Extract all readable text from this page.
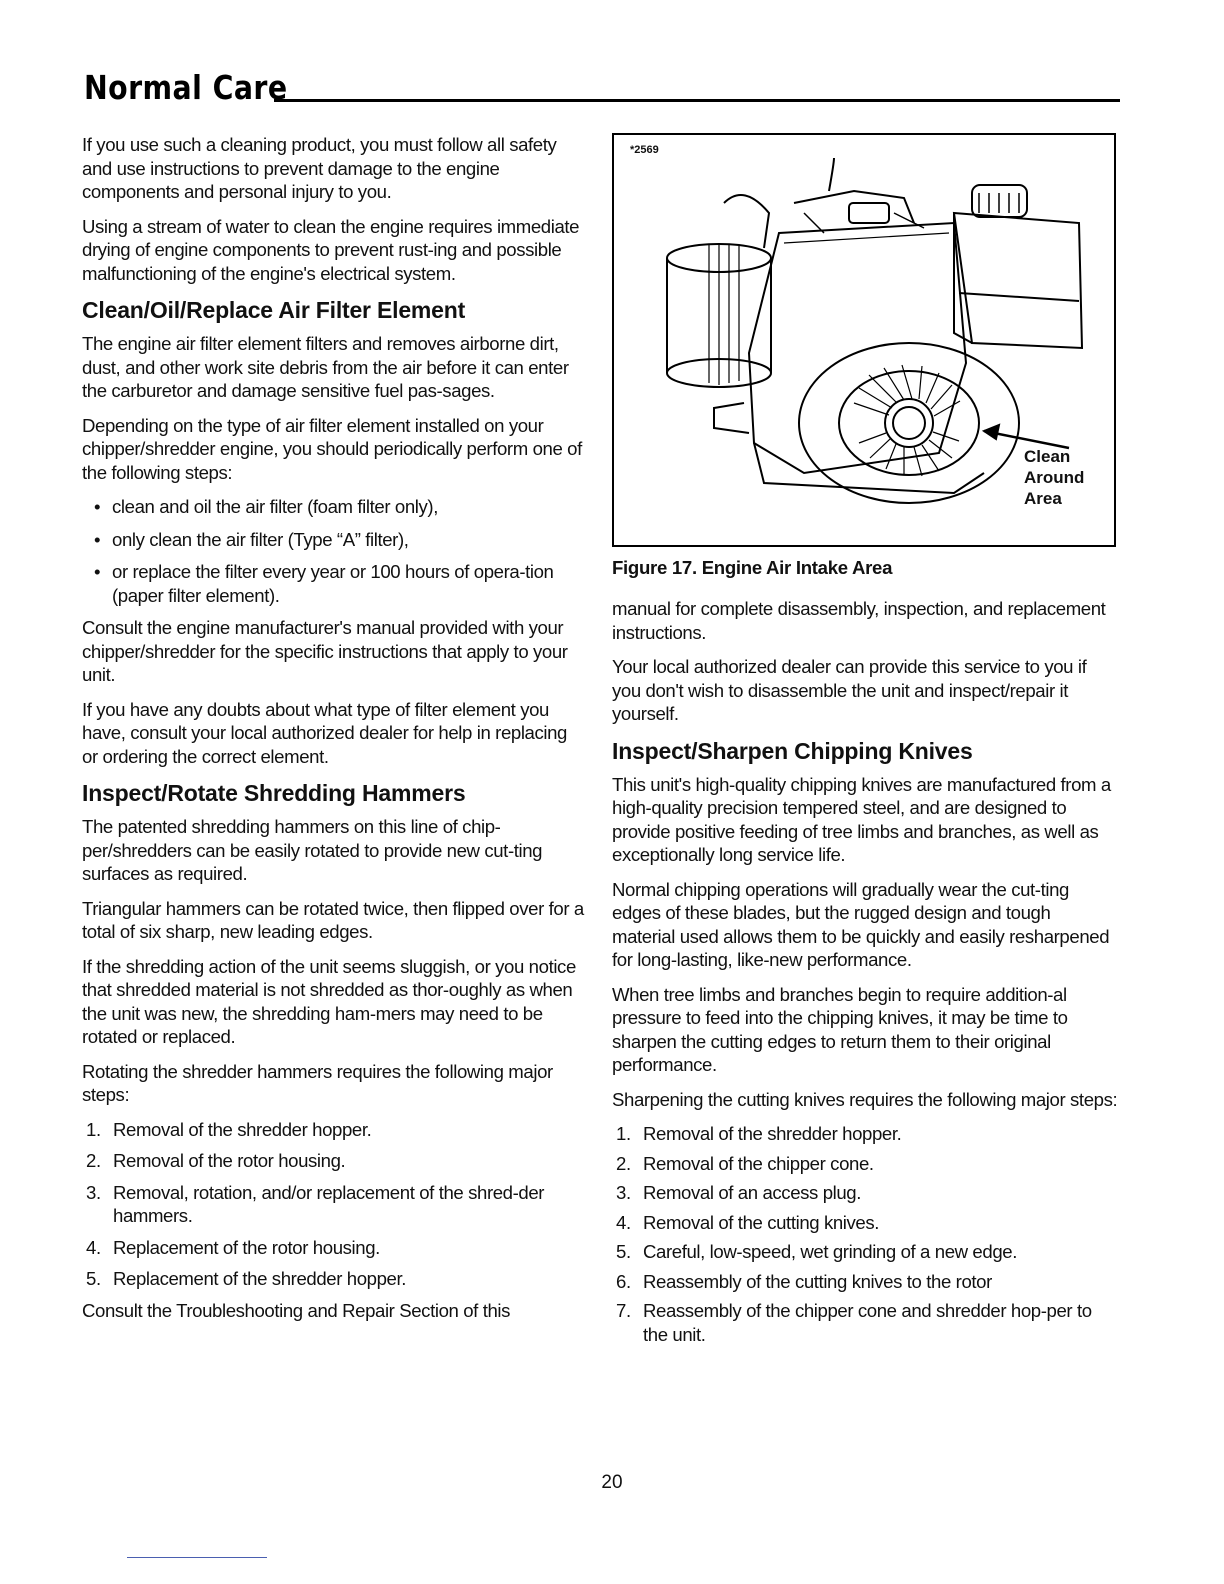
Normal Care

If you use such a cleaning product, you must follow all safety and use instructions to prevent damage to the engine components and personal injury to you.

Using a stream of water to clean the engine requires immediate drying of engine components to prevent rust-ing and possible malfunctioning of the engine's electrical system.

Clean/Oil/Replace Air Filter Element

The engine air filter element filters and removes airborne dirt, dust, and other work site debris from the air before it can enter the carburetor and damage sensitive fuel pas-sages.

Depending on the type of air filter element installed on your chipper/shredder engine, you should periodically perform one of the following steps:

• clean and oil the air filter (foam filter only),
• only clean the air filter (Type “A” filter),
• or replace the filter every year or 100 hours of opera-tion (paper filter element).

Consult the engine manufacturer's manual provided with your chipper/shredder for the specific instructions that apply to your unit.

If you have any doubts about what type of filter element you have, consult your local authorized dealer for help in replacing or ordering the correct element.

Inspect/Rotate Shredding Hammers

The patented shredding hammers on this line of chip-per/shredders can be easily rotated to provide new cut-ting surfaces as required.

Triangular hammers can be rotated twice, then flipped over for a total of six sharp, new leading edges.

If the shredding action of the unit seems sluggish, or you notice that shredded material is not shredded as thor-oughly as when the unit was new, the shredding ham-mers may need to be rotated or replaced.

Rotating the shredder hammers requires the following major steps:

1. Removal of the shredder hopper.
2. Removal of the rotor housing.
3. Removal, rotation, and/or replacement of the shred-der hammers.
4. Replacement of the rotor housing.
5. Replacement of the shredder hopper.

Consult the Troubleshooting and Repair Section of this

*2569
Clean
Around
Area
Figure 17. Engine Air Intake Area

manual for complete disassembly, inspection, and replacement instructions.

Your local authorized dealer can provide this service to you if you don't wish to disassemble the unit and inspect/repair it yourself.

Inspect/Sharpen Chipping Knives

This unit's high-quality chipping knives are manufactured from a high-quality precision tempered steel, and are designed to provide positive feeding of tree limbs and branches, as well as exceptionally long service life.

Normal chipping operations will gradually wear the cut-ting edges of these blades, but the rugged design and tough material used allows them to be quickly and easily resharpened for long-lasting, like-new performance.

When tree limbs and branches begin to require addition-al pressure to feed into the chipping knives, it may be time to sharpen the cutting edges to return them to their original performance.

Sharpening the cutting knives requires the following major steps:

1. Removal of the shredder hopper.
2. Removal of the chipper cone.
3. Removal of an access plug.
4. Removal of the cutting knives.
5. Careful, low-speed, wet grinding of a new edge.
6. Reassembly of the cutting knives to the rotor
7. Reassembly of the chipper cone and shredder hop-per to the unit.
20
